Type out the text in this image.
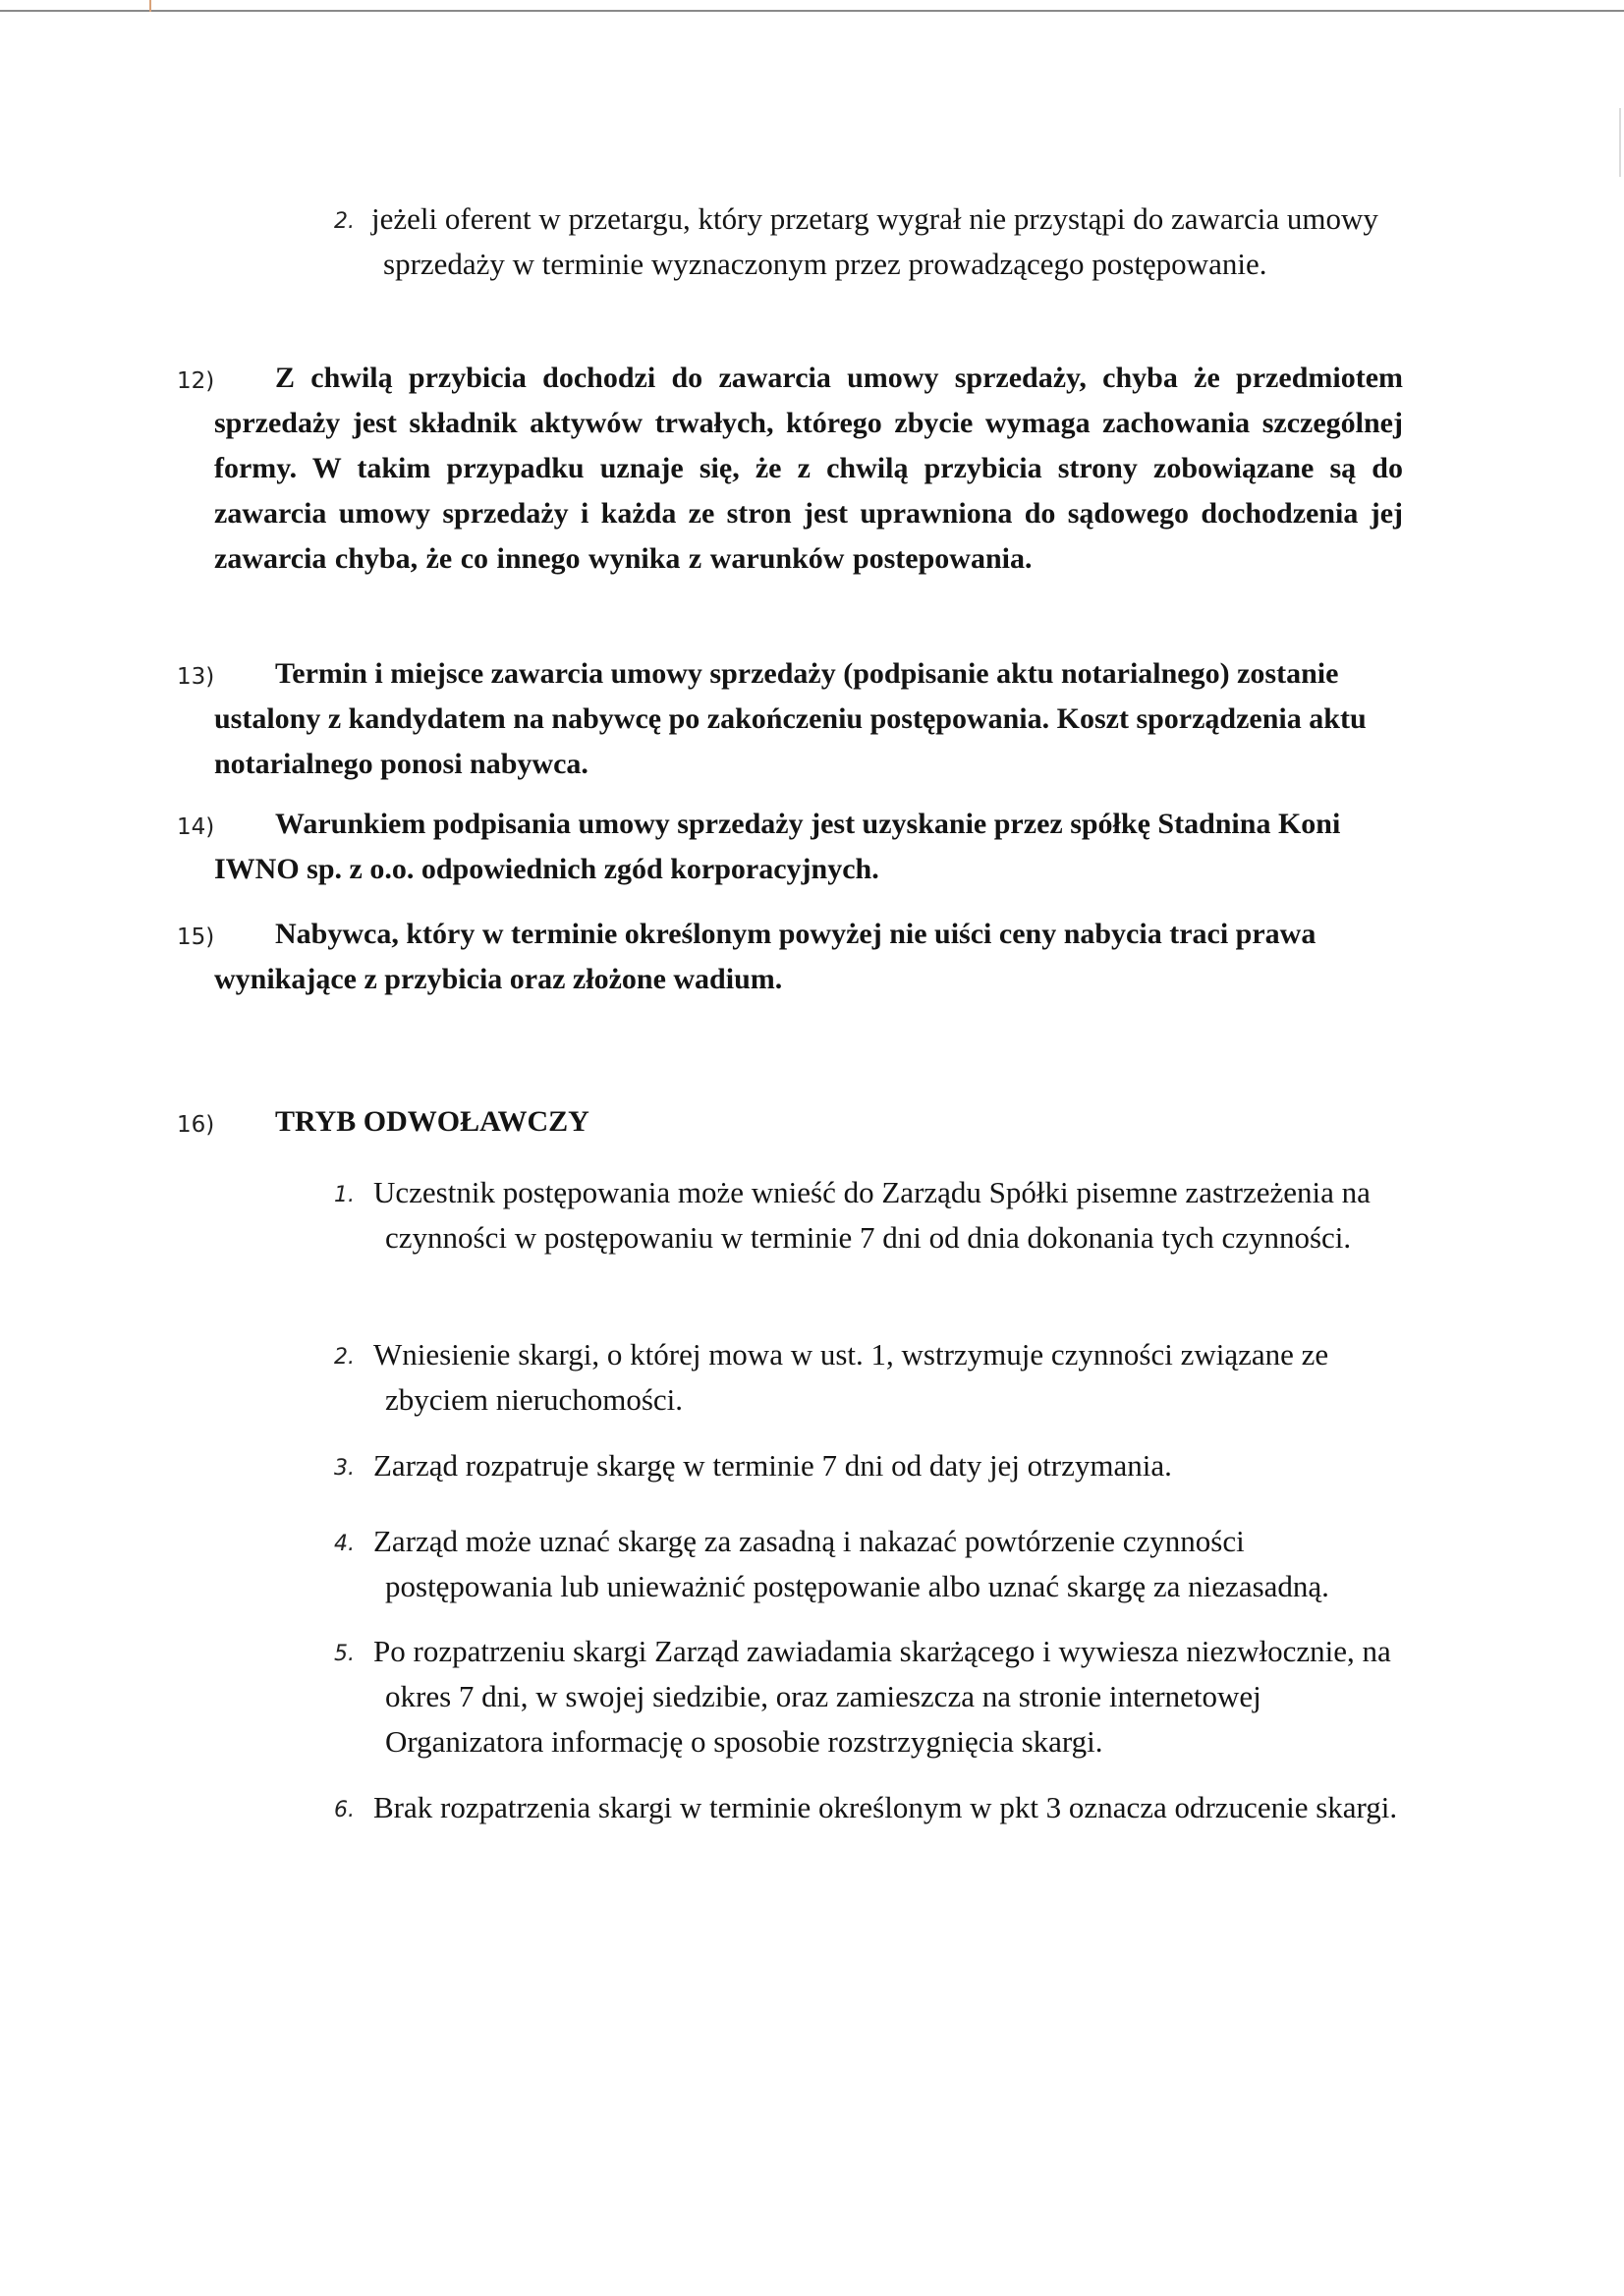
2. jeżeli oferent w przetargu, który przetarg wygrał nie przystąpi do zawarcia umowy sprzedaży w terminie wyznaczonym przez prowadzącego postępowanie.
12)	Z chwilą przybicia dochodzi do zawarcia umowy sprzedaży, chyba że przedmiotem sprzedaży jest składnik aktywów trwałych, którego zbycie wymaga zachowania szczególnej formy. W takim przypadku uznaje się, że z chwilą przybicia strony zobowiązane są do zawarcia umowy sprzedaży i każda ze stron jest uprawniona do sądowego dochodzenia jej zawarcia chyba, że co innego wynika z warunków postepowania.
13)	Termin i miejsce zawarcia umowy sprzedaży (podpisanie aktu notarialnego) zostanie ustalony z kandydatem na nabywcę po zakończeniu postępowania. Koszt sporządzenia aktu notarialnego ponosi nabywca.
14)	Warunkiem podpisania umowy sprzedaży jest uzyskanie przez spółkę Stadnina Koni IWNO sp. z o.o. odpowiednich zgód korporacyjnych.
15)	Nabywca, który w terminie określonym powyżej nie uiści ceny nabycia traci prawa wynikające z przybicia oraz złożone wadium.
16) TRYB ODWOŁAWCZY
1. Uczestnik postępowania może wnieść do Zarządu Spółki pisemne zastrzeżenia na czynności w postępowaniu w terminie 7 dni od dnia dokonania tych czynności.
2. Wniesienie skargi, o której mowa w ust. 1, wstrzymuje czynności związane ze zbyciem nieruchomości.
3. Zarząd rozpatruje skargę w terminie 7 dni od daty jej otrzymania.
4. Zarząd może uznać skargę za zasadną i nakazać powtórzenie czynności postępowania lub unieważnić postępowanie albo uznać skargę za niezasadną.
5. Po rozpatrzeniu skargi Zarząd zawiadamia skarżącego i wywiesza niezwłocznie, na okres 7 dni, w swojej siedzibie, oraz zamieszcza na stronie internetowej Organizatora informację o sposobie rozstrzygnięcia skargi.
6. Brak rozpatrzenia skargi w terminie określonym w pkt 3 oznacza odrzucenie skargi.
